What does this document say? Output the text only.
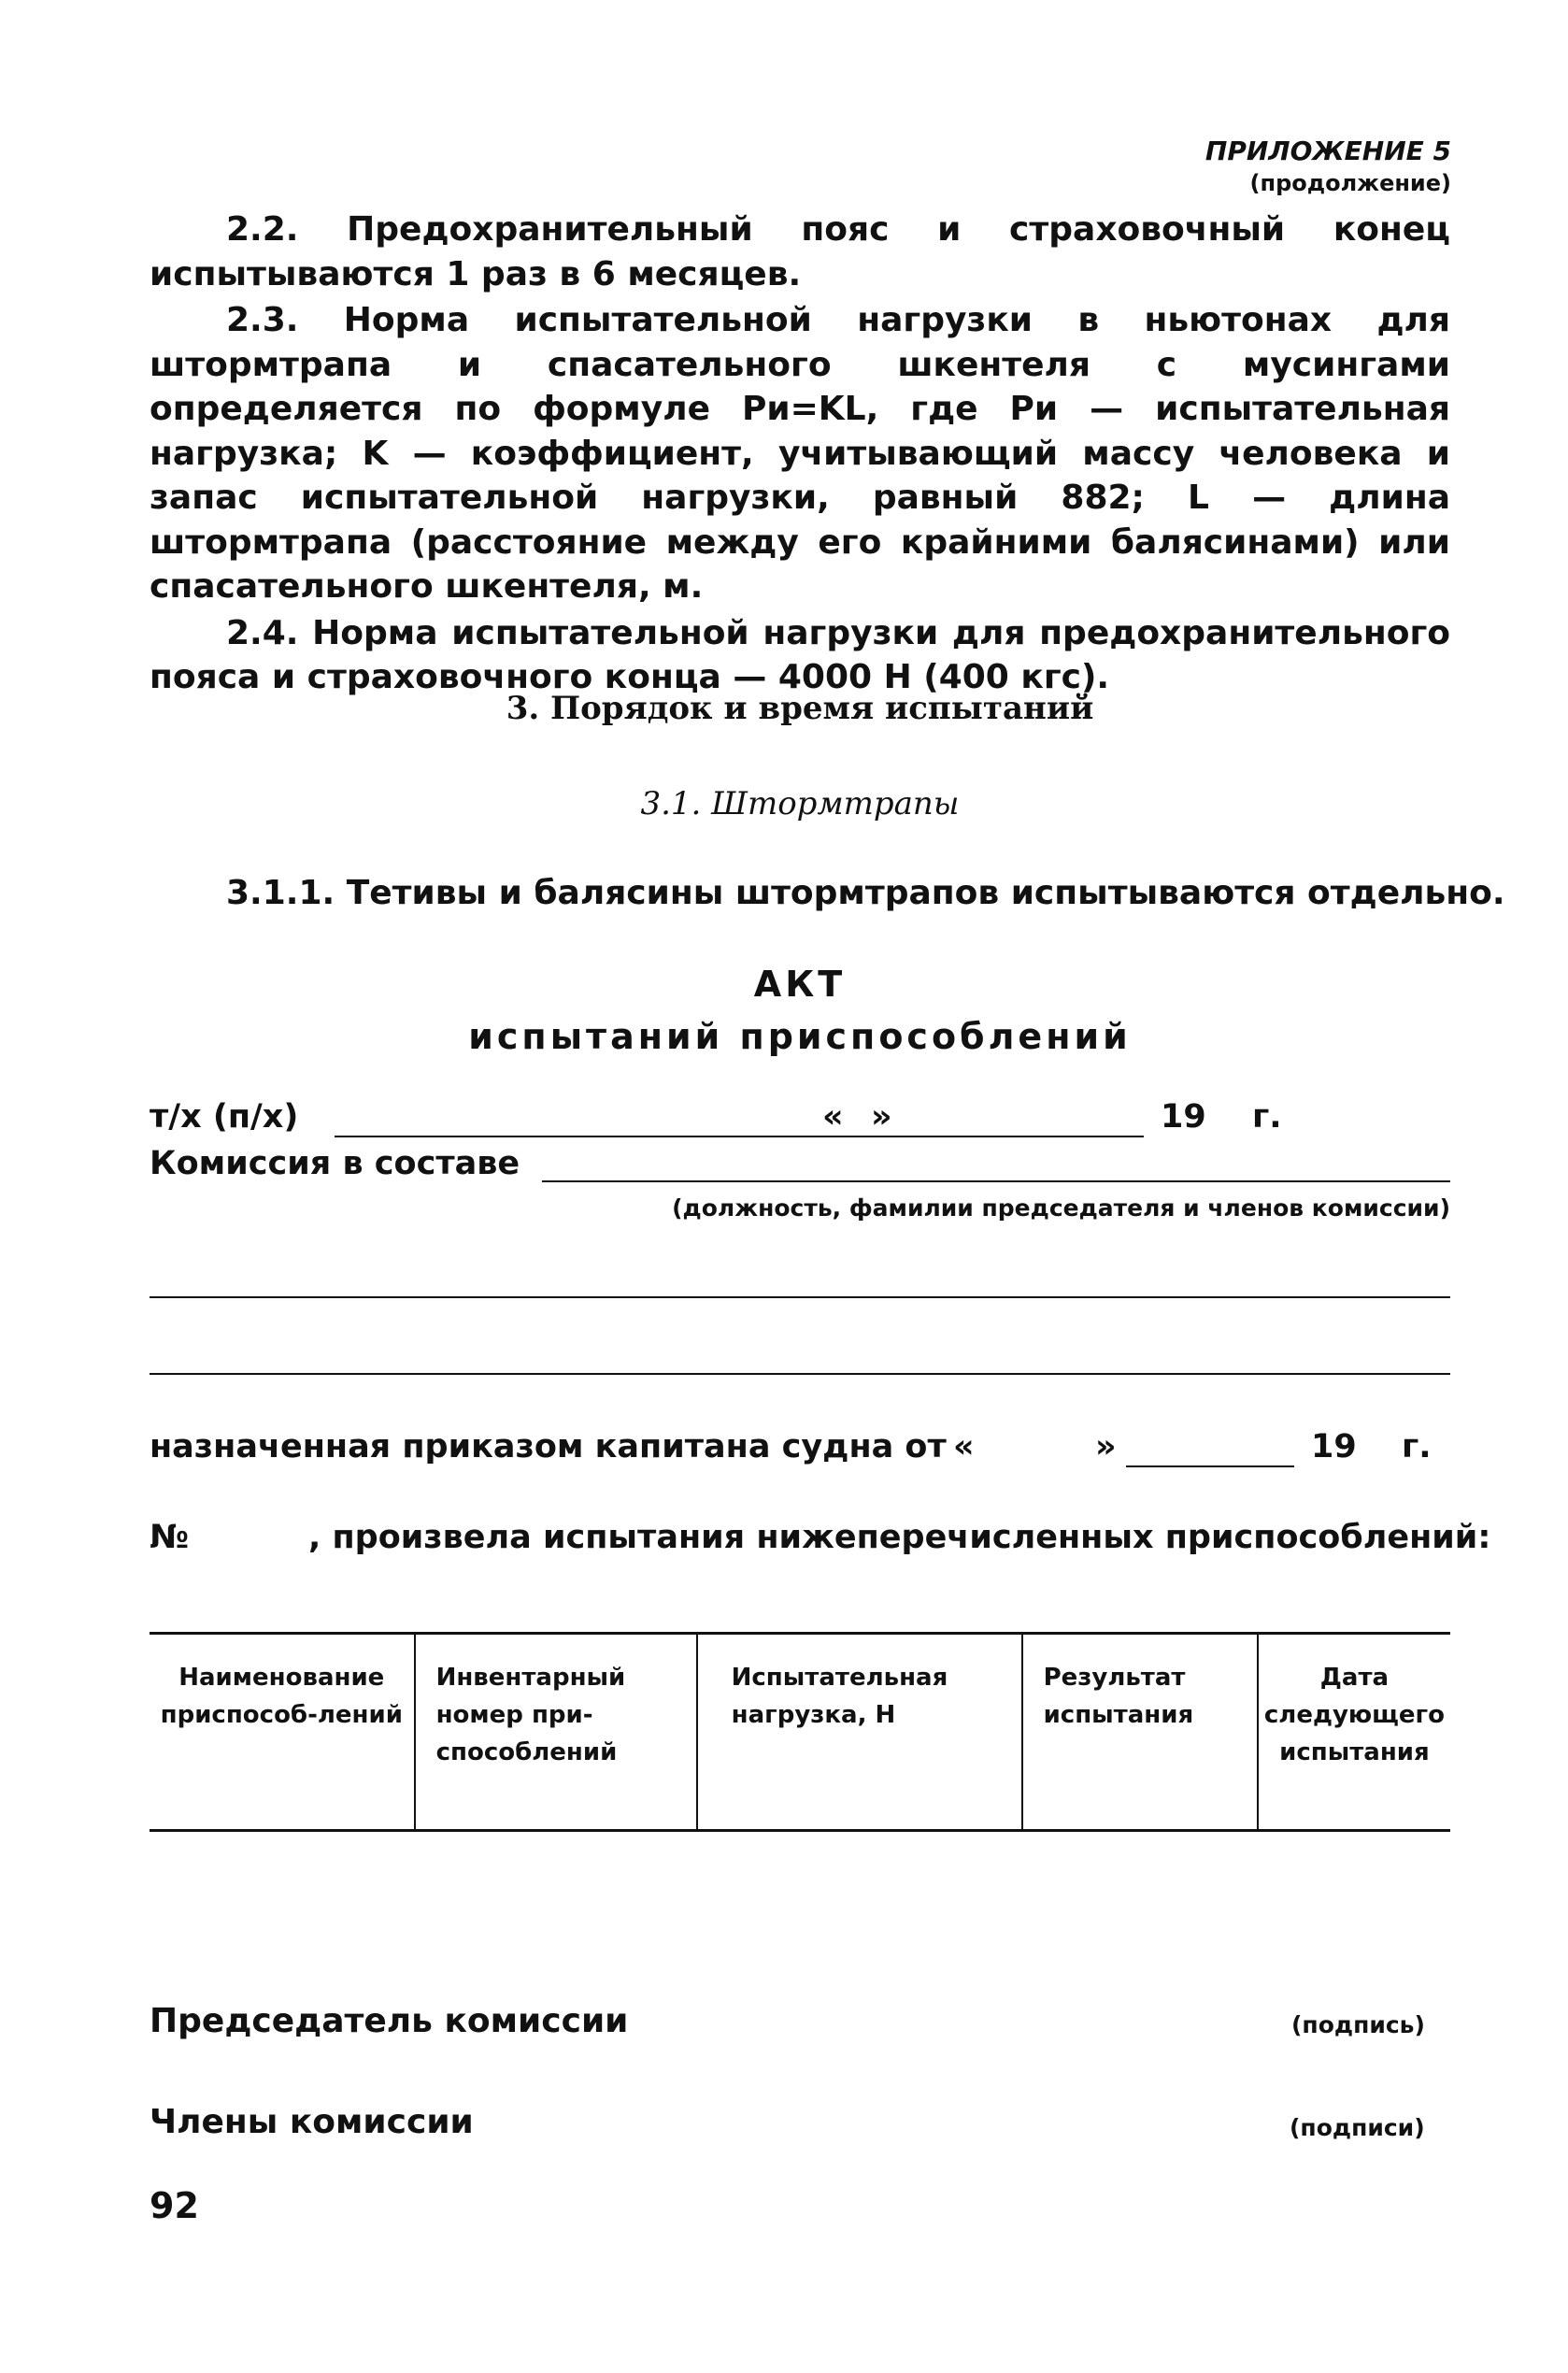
ПРИЛОЖЕНИЕ 5
(продолжение)

2.2. Предохранительный пояс и страховочный конец испытываются 1 раз в 6 месяцев.

2.3. Норма испытательной нагрузки в ньютонах для штормтрапа и спасательного шкентеля с мусингами определяется по формуле Pи=KL, где Pи — испытательная нагрузка; K — коэффициент, учитывающий массу человека и запас испытательной нагрузки, равный 882; L — длина штормтрапа (расстояние между его крайними балясинами) или спасательного шкентеля, м.

2.4. Норма испытательной нагрузки для предохранительного пояса и страховочного конца — 4000 Н (400 кгс).

3. Порядок и время испытаний
3.1. Штормтрапы
3.1.1. Тетивы и балясины штормтрапов испытываются отдельно.
АКТ
испытаний приспособлений
т/х (п/х)	« »	19 г.
Комиссия в составе
(должность, фамилии председателя и членов комиссии)
назначенная приказом капитана судна от «	»	19 г.
№	, произвела испытания нижеперечисленных приспособлений:
Наименование приспособ-лений	Инвентарный номер при-способлений	Испытательная нагрузка, Н	Результат испытания	Дата следующего испытания
Председатель комиссии	(подпись)
Члены комиссии	(подписи)
92
